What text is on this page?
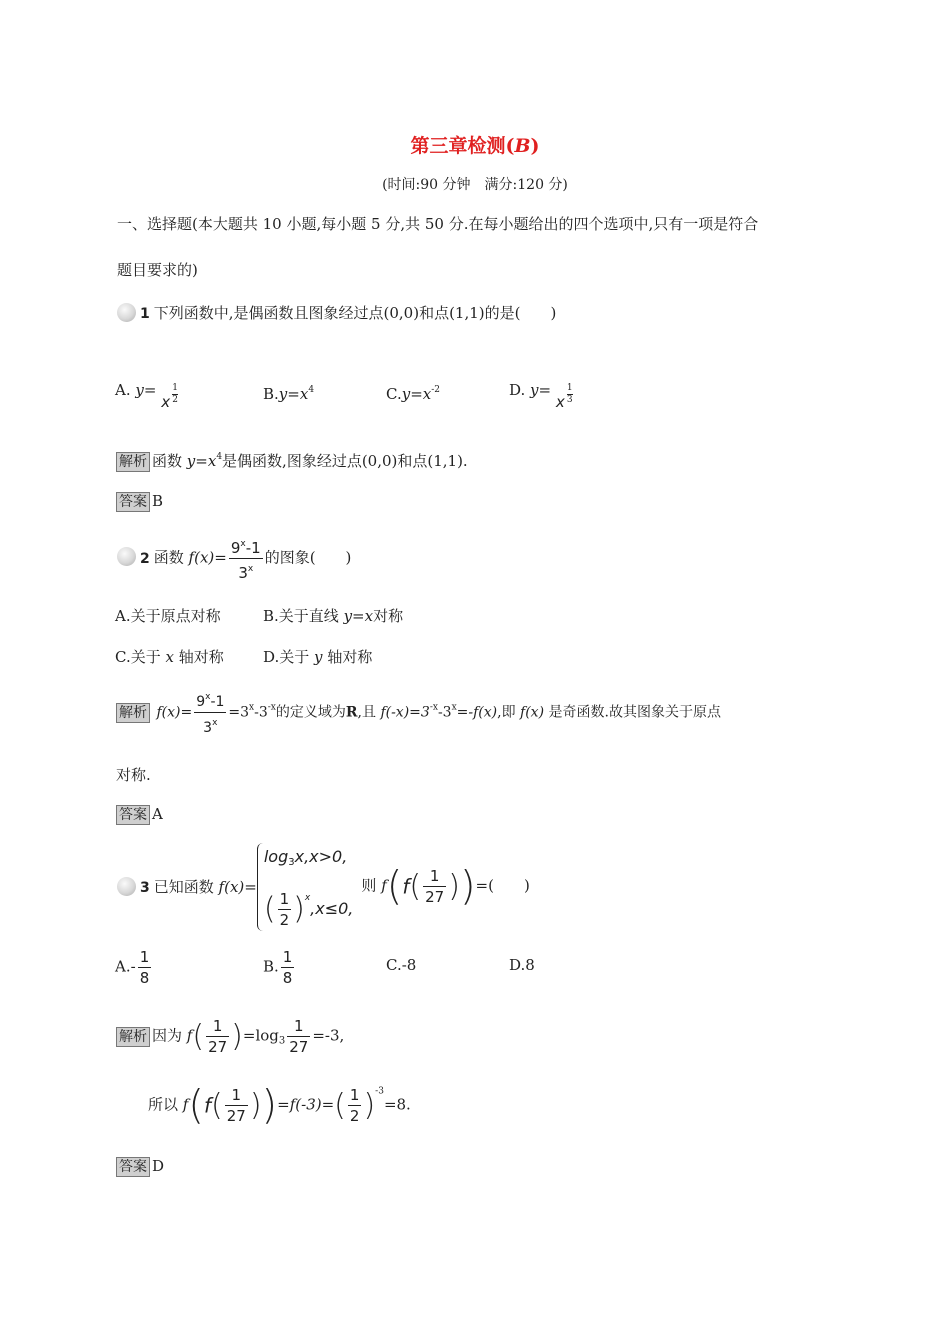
第三章检测(B)
(时间:90 分钟　满分:120 分)
一、选择题(本大题共 10 小题,每小题 5 分,共 50 分.在每小题给出的四个选项中,只有一项是符合
题目要求的)
1 下列函数中,是偶函数且图象经过点(0,0)和点(1,1)的是(　　)
A. y=
x $\frac{1}{2}$	$B.y=x^4$	$C.y=x^{-2}$	D. y=
x $\frac{1}{3}$
解析 函数 $y=x^4$是偶函数,图象经过点(0,0)和点(1,1).
答案 B
2 函数 $f(x)= \frac{9^x-1}{3^x}$ 的图象(　　)
A.关于原点对称	B.关于直线 y=x对称
C.关于 x 轴对称	D.关于 y 轴对称
解析 $f(x)= \frac{9^x-1}{3^x} =3^x-3^{-x}$的定义域为R,且 $f(-x)=3^{-x}-3^x=-f(x)$,即 f(x) 是奇函数.故其图象关于原点
对称.
答案 A
3 已知函数 f(x)=
log3x,x>0,
( $\frac{1}{2} )^x,x\le 0$,
则 $f(f( \frac{1}{27}$ ))=(　　)
$A.- \frac{1}{8}$	B. $\frac{1}{8}$	C.-8	D.8
解析 因为 $f( \frac{1}{27} )=\log_3 \frac{1}{27} =-3$,
所以 $f(f( \frac{1}{27} ))=f(-3)=( \frac{1}{2} )^{-3}=8$.
答案 D
